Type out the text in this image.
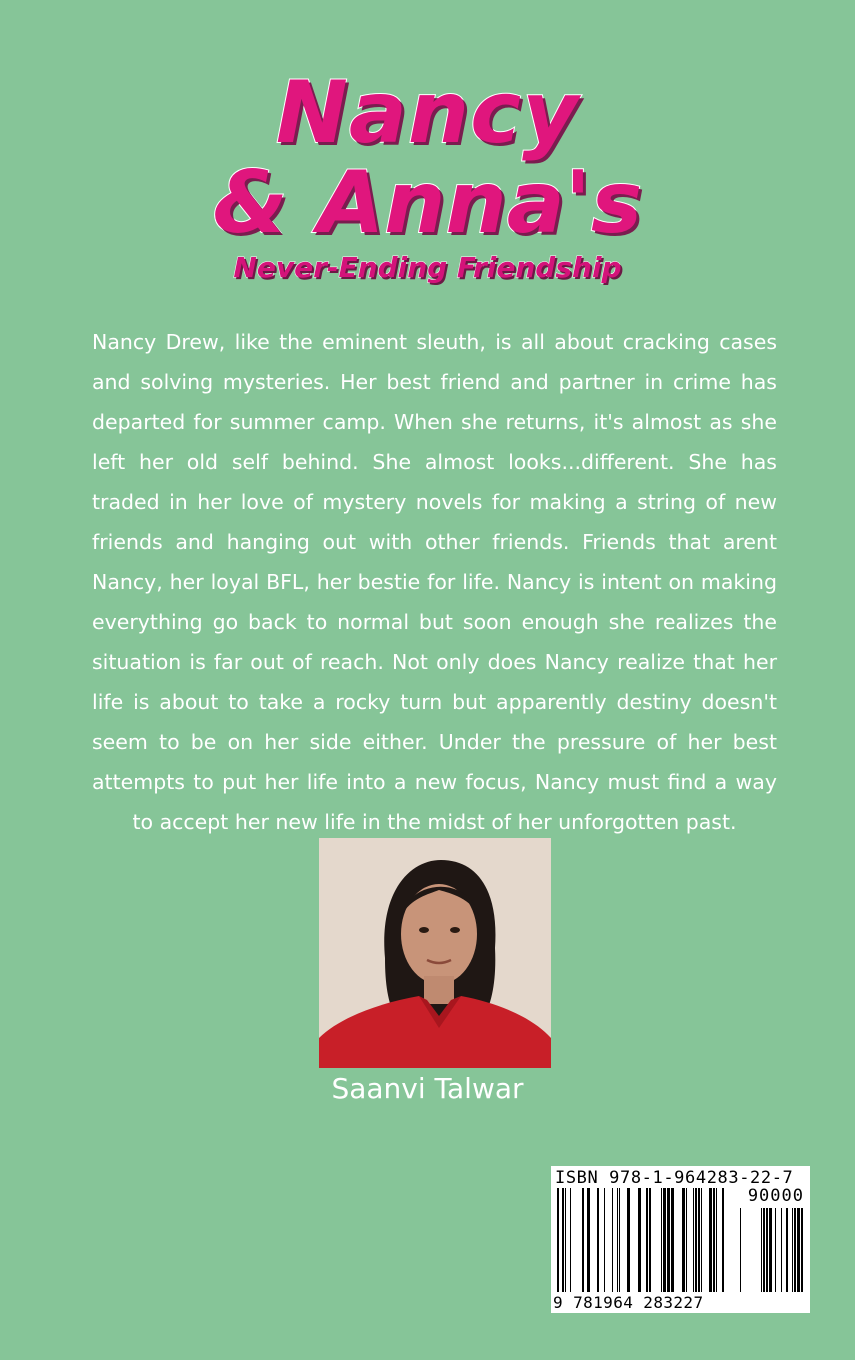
Nancy
& Anna's
Never-Ending Friendship

Nancy Drew, like the eminent sleuth, is all about cracking cases and solving mysteries. Her best friend and partner in crime has departed for summer camp. When she returns, it's almost as she left her old self behind. She almost looks...different. She has traded in her love of mystery novels for making a string of new friends and hanging out with other friends. Friends that arent Nancy, her loyal BFL, her bestie for life. Nancy is intent on making everything go back to normal but soon enough she realizes the situation is far out of reach. Not only does Nancy realize that her life is about to take a rocky turn but apparently destiny doesn't seem to be on her side either. Under the pressure of her best attempts to put her life into a new focus, Nancy must find a way to accept her new life in the midst of her unforgotten past.

Saanvi Talwar
ISBN 978-1-964283-22-7
90000
9 781964 283227
